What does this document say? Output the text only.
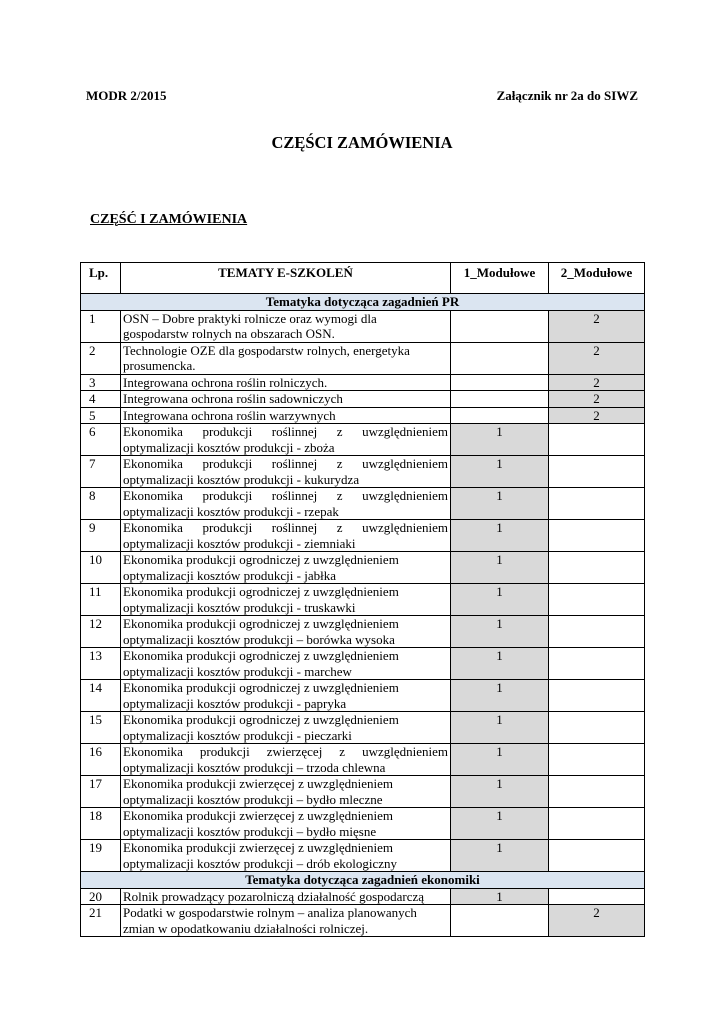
MODR 2/2015	Załącznik nr 2a do SIWZ
CZĘŚCI ZAMÓWIENIA
CZĘŚĆ I ZAMÓWIENIA
Lp.	TEMATY E-SZKOLEŃ	1_Modułowe	2_Modułowe
Tematyka dotycząca zagadnień PR			
1	OSN – Dobre praktyki rolnicze oraz wymogi dla
gospodarstw rolnych na obszarach OSN.		2
2	Technologie OZE dla gospodarstw rolnych, energetyka
prosumencka.		2
3	Integrowana ochrona roślin rolniczych.		2
4	Integrowana ochrona roślin sadowniczych		2
5	Integrowana ochrona roślin warzywnych		2
6	Ekonomika produkcji roślinnej z uwzględnieniem
optymalizacji kosztów produkcji - zboża	1	
7	Ekonomika produkcji roślinnej z uwzględnieniem
optymalizacji kosztów produkcji - kukurydza	1	
8	Ekonomika produkcji roślinnej z uwzględnieniem
optymalizacji kosztów produkcji - rzepak	1	
9	Ekonomika produkcji roślinnej z uwzględnieniem
optymalizacji kosztów produkcji - ziemniaki	1	
10	Ekonomika produkcji ogrodniczej z uwzględnieniem
optymalizacji kosztów produkcji - jabłka	1	
11	Ekonomika produkcji ogrodniczej z uwzględnieniem
optymalizacji kosztów produkcji - truskawki	1	
12	Ekonomika produkcji ogrodniczej z uwzględnieniem
optymalizacji kosztów produkcji – borówka wysoka	1	
13	Ekonomika produkcji ogrodniczej z uwzględnieniem
optymalizacji kosztów produkcji - marchew	1	
14	Ekonomika produkcji ogrodniczej z uwzględnieniem
optymalizacji kosztów produkcji - papryka	1	
15	Ekonomika produkcji ogrodniczej z uwzględnieniem
optymalizacji kosztów produkcji - pieczarki	1	
16	Ekonomika produkcji zwierzęcej z uwzględnieniem
optymalizacji kosztów produkcji – trzoda chlewna	1	
17	Ekonomika produkcji zwierzęcej z uwzględnieniem
optymalizacji kosztów produkcji – bydło mleczne	1	
18	Ekonomika produkcji zwierzęcej z uwzględnieniem
optymalizacji kosztów produkcji – bydło mięsne	1	
19	Ekonomika produkcji zwierzęcej z uwzględnieniem
optymalizacji kosztów produkcji – drób ekologiczny	1	
Tematyka dotycząca zagadnień ekonomiki			
20	Rolnik prowadzący pozarolniczą działalność gospodarczą	1	
21	Podatki w gospodarstwie rolnym – analiza planowanych
zmian w opodatkowaniu działalności rolniczej.		2
